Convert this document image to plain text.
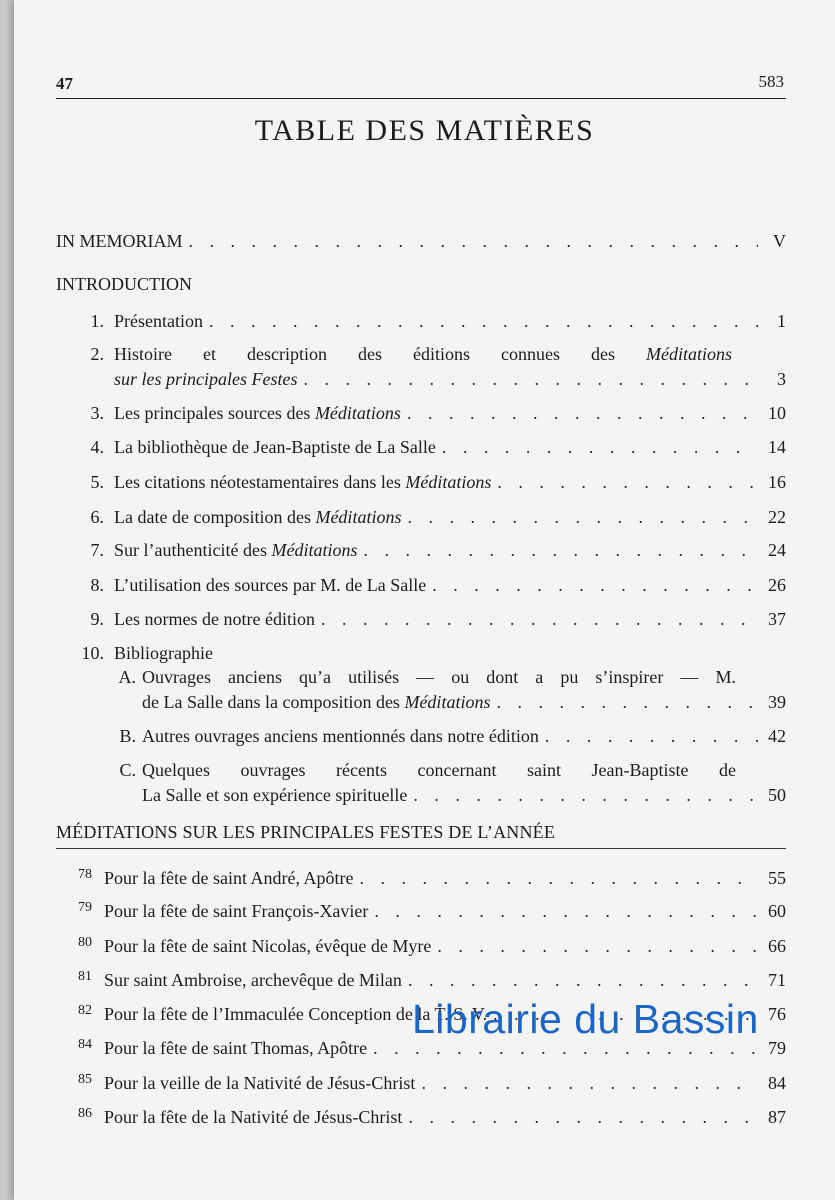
47	583
TABLE DES MATIÈRES
IN MEMORIAM . . .	V
INTRODUCTION
1. Présentation . . .	1
2. Histoire et description des éditions connues des Méditations
sur les principales Festes . . .	3
3. Les principales sources des Méditations . . .	10
4. La bibliothèque de Jean-Baptiste de La Salle . . .	14
5. Les citations néotestamentaires dans les Méditations . . .	16
6. La date de composition des Méditations . . .	22
7. Sur l’authenticité des Méditations . . .	24
8. L’utilisation des sources par M. de La Salle . . .	26
9. Les normes de notre édition . . .	37
10. Bibliographie
A. Ouvrages anciens qu’a utilisés — ou dont a pu s’inspirer — M.
de La Salle dans la composition des Méditations . . .	39
B. Autres ouvrages anciens mentionnés dans notre édition . . .	42
C. Quelques ouvrages récents concernant saint Jean-Baptiste de
La Salle et son expérience spirituelle . . .	50
MÉDITATIONS SUR LES PRINCIPALES FESTES DE L’ANNÉE
78 Pour la fête de saint André, Apôtre . . .	55
79 Pour la fête de saint François-Xavier . . .	60
80 Pour la fête de saint Nicolas, évêque de Myre . . .	66
81 Sur saint Ambroise, archevêque de Milan . . .	71
82 Pour la fête de l’Immaculée Conception de la T. S. V. . . .	76
84 Pour la fête de saint Thomas, Apôtre . . .	79
85 Pour la veille de la Nativité de Jésus-Christ . . .	84
86 Pour la fête de la Nativité de Jésus-Christ . . .	87
Librairie du Bassin
